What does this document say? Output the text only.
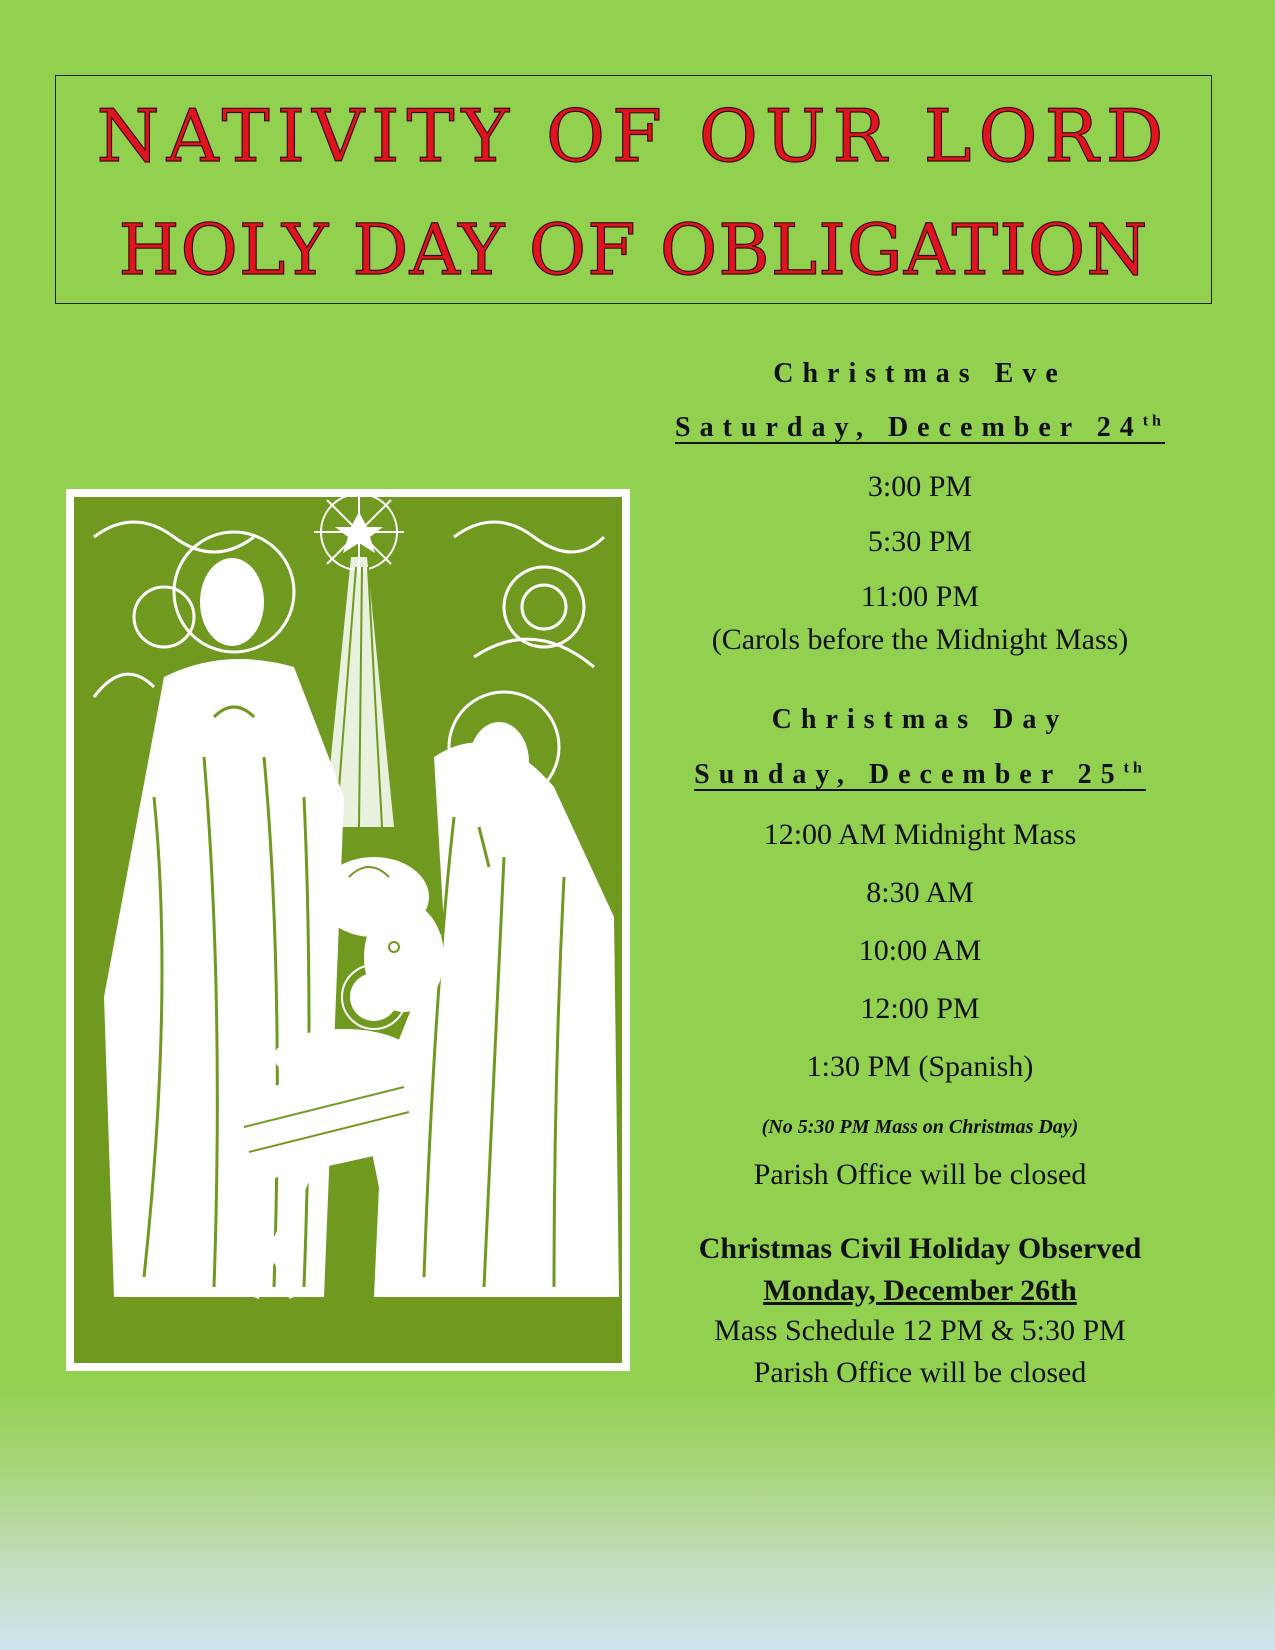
NATIVITY OF OUR LORD
HOLY DAY OF OBLIGATION
Christmas Eve
Saturday, December 24th
3:00 PM
5:30 PM
11:00 PM
(Carols before the Midnight Mass)
Christmas Day
Sunday, December 25th
12:00 AM Midnight Mass
8:30 AM
10:00 AM
12:00 PM
1:30 PM (Spanish)
(No 5:30 PM Mass on Christmas Day)
Parish Office will be closed
Christmas Civil Holiday Observed
Monday, December 26th
Mass Schedule 12 PM & 5:30 PM
Parish Office will be closed
